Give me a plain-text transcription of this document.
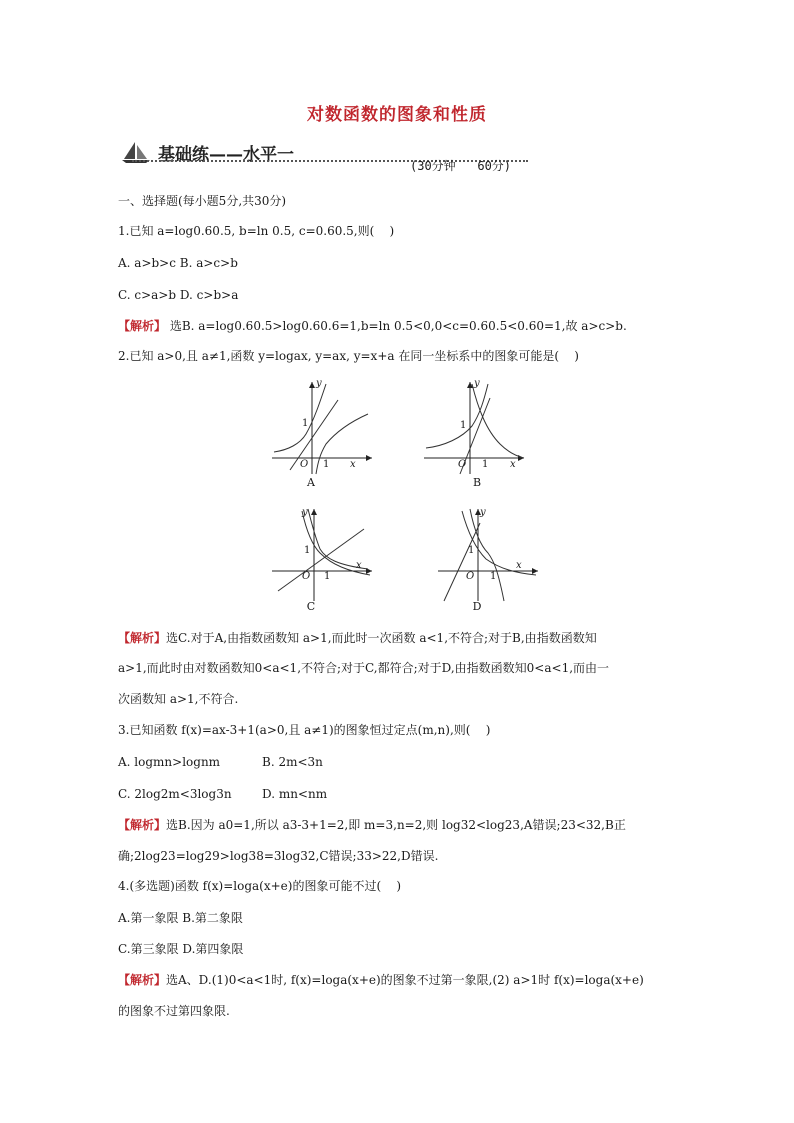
对数函数的图象和性质
基础练——水平一
(30分钟   60分)
一、选择题(每小题5分,共30分)
1.已知 a=log0.60.5, b=ln 0.5, c=0.60.5,则(    )
A. a>b>c B. a>c>b
C. c>a>b D. c>b>a
【解析】 选B. a=log0.60.5>log0.60.6=1,b=ln 0.5<0,0<c=0.60.5<0.60=1,故 a>c>b.
2.已知 a>0,且 a≠1,函数 y=logax, y=ax, y=x+a 在同一坐标系中的图象可能是(    )
y
x
O
1
1
A
y
x
O
1
1
B
y
x
O
1
1
C
y
x
O
1
1
D
【解析】选C.对于A,由指数函数知 a>1,而此时一次函数 a<1,不符合;对于B,由指数函数知
a>1,而此时由对数函数知0<a<1,不符合;对于C,都符合;对于D,由指数函数知0<a<1,而由一
次函数知 a>1,不符合.
3.已知函数 f(x)=ax-3+1(a>0,且 a≠1)的图象恒过定点(m,n),则(    )
A. logmn>lognm	B. 2m<3n
C. 2log2m<3log3n	D. mn<nm
【解析】选B.因为 a0=1,所以 a3-3+1=2,即 m=3,n=2,则 log32<log23,A错误;23<32,B正
确;2log23=log29>log38=3log32,C错误;33>22,D错误.
4.(多选题)函数 f(x)=loga(x+e)的图象可能不过(    )
A.第一象限 B.第二象限
C.第三象限 D.第四象限
【解析】选A、D.(1)0<a<1时, f(x)=loga(x+e)的图象不过第一象限,(2) a>1时 f(x)=loga(x+e)
的图象不过第四象限.
